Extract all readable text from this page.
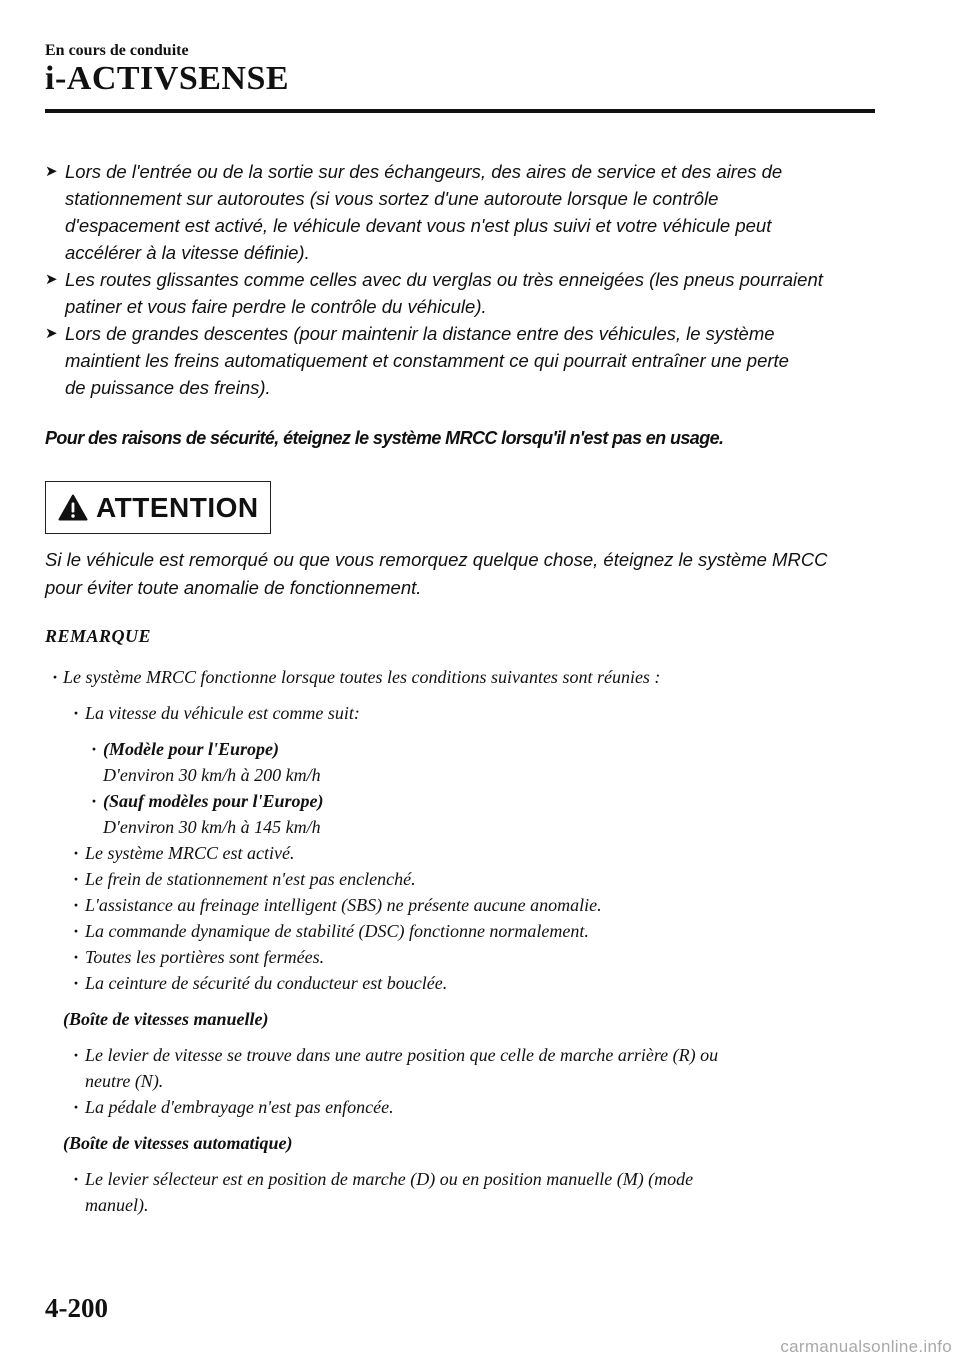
En cours de conduite
i-ACTIVSENSE
➤ Lors de l'entrée ou de la sortie sur des échangeurs, des aires de service et des aires de
stationnement sur autoroutes (si vous sortez d'une autoroute lorsque le contrôle
d'espacement est activé, le véhicule devant vous n'est plus suivi et votre véhicule peut
accélérer à la vitesse définie).
➤ Les routes glissantes comme celles avec du verglas ou très enneigées (les pneus pourraient
patiner et vous faire perdre le contrôle du véhicule).
➤ Lors de grandes descentes (pour maintenir la distance entre des véhicules, le système
maintient les freins automatiquement et constamment ce qui pourrait entraîner une perte
de puissance des freins).
Pour des raisons de sécurité, éteignez le système MRCC lorsqu'il n'est pas en usage.
ATTENTION
Si le véhicule est remorqué ou que vous remorquez quelque chose, éteignez le système MRCC
pour éviter toute anomalie de fonctionnement.
REMARQUE
· Le système MRCC fonctionne lorsque toutes les conditions suivantes sont réunies :
· La vitesse du véhicule est comme suit:
· (Modèle pour l'Europe)
D'environ 30 km/h à 200 km/h
· (Sauf modèles pour l'Europe)
D'environ 30 km/h à 145 km/h
· Le système MRCC est activé.
· Le frein de stationnement n'est pas enclenché.
· L'assistance au freinage intelligent (SBS) ne présente aucune anomalie.
· La commande dynamique de stabilité (DSC) fonctionne normalement.
· Toutes les portières sont fermées.
· La ceinture de sécurité du conducteur est bouclée.
(Boîte de vitesses manuelle)
· Le levier de vitesse se trouve dans une autre position que celle de marche arrière (R) ou
neutre (N).
· La pédale d'embrayage n'est pas enfoncée.
(Boîte de vitesses automatique)
· Le levier sélecteur est en position de marche (D) ou en position manuelle (M) (mode
manuel).
4-200
carmanualsonline.info
